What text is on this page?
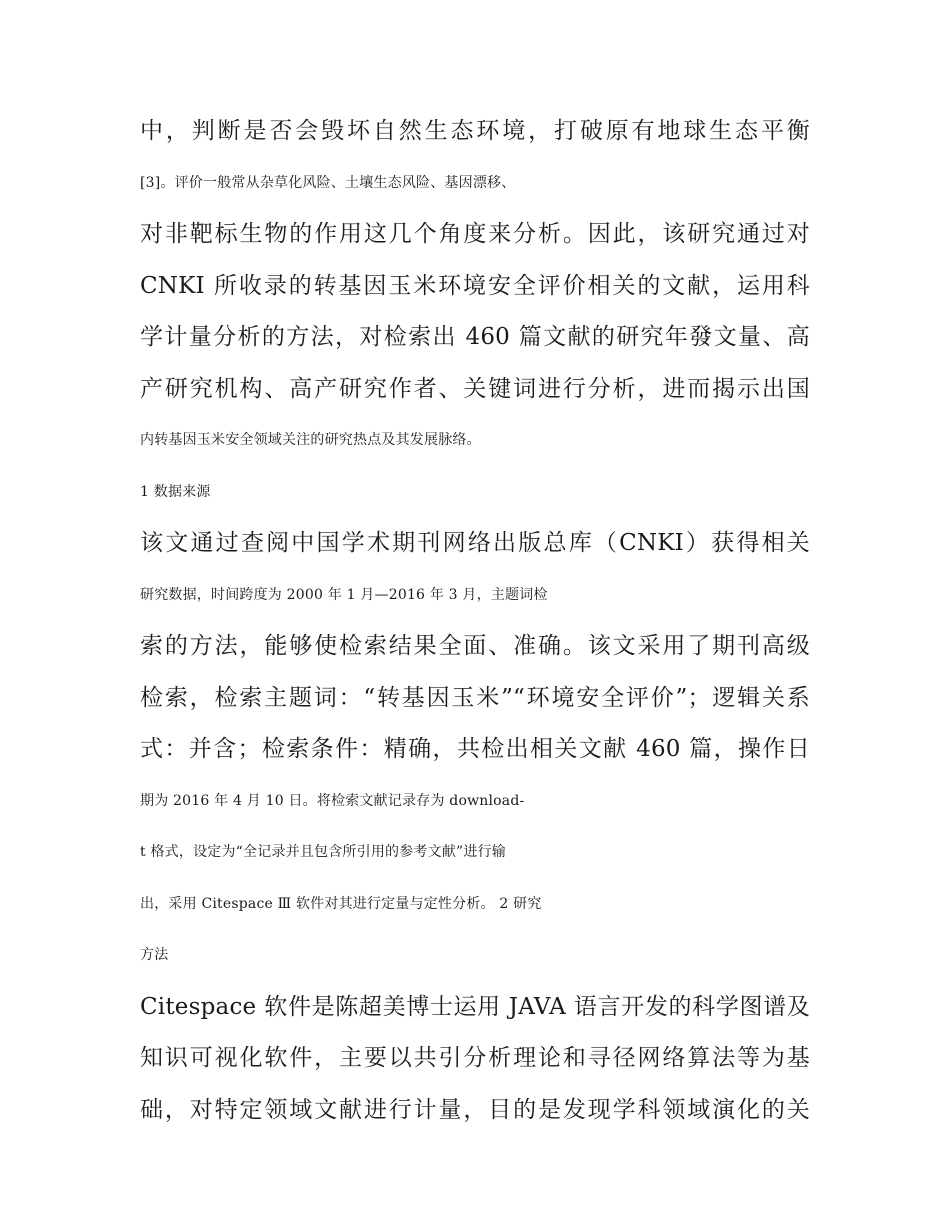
中，判断是否会毁坏自然生态环境，打破原有地球生态平衡
[3]。评价一般常从杂草化风险、土壤生态风险、基因漂移、
对非靶标生物的作用这几个角度来分析。因此，该研究通过对
CNKI 所收录的转基因玉米环境安全评价相关的文献，运用科
学计量分析的方法，对检索出 460 篇文献的研究年發文量、高
产研究机构、高产研究作者、关键词进行分析，进而揭示出国
内转基因玉米安全领域关注的研究热点及其发展脉络。
1 数据来源
该文通过查阅中国学术期刊网络出版总库（CNKI）获得相关
研究数据，时间跨度为 2000 年 1 月—2016 年 3 月，主题词检
索的方法，能够使检索结果全面、准确。该文采用了期刊高级
检索，检索主题词：“转基因玉米”“环境安全评价”；逻辑关系
式：并含；检索条件：精确，共检出相关文献 460 篇，操作日
期为 2016 年 4 月 10 日。将检索文献记录存为 download-
t 格式，设定为“全记录并且包含所引用的参考文献”进行输
出，采用 Citespace Ⅲ 软件对其进行定量与定性分析。 2 研究
方法
Citespace 软件是陈超美博士运用 JAVA 语言开发的科学图谱及
知识可视化软件，主要以共引分析理论和寻径网络算法等为基
础，对特定领域文献进行计量，目的是发现学科领域演化的关
